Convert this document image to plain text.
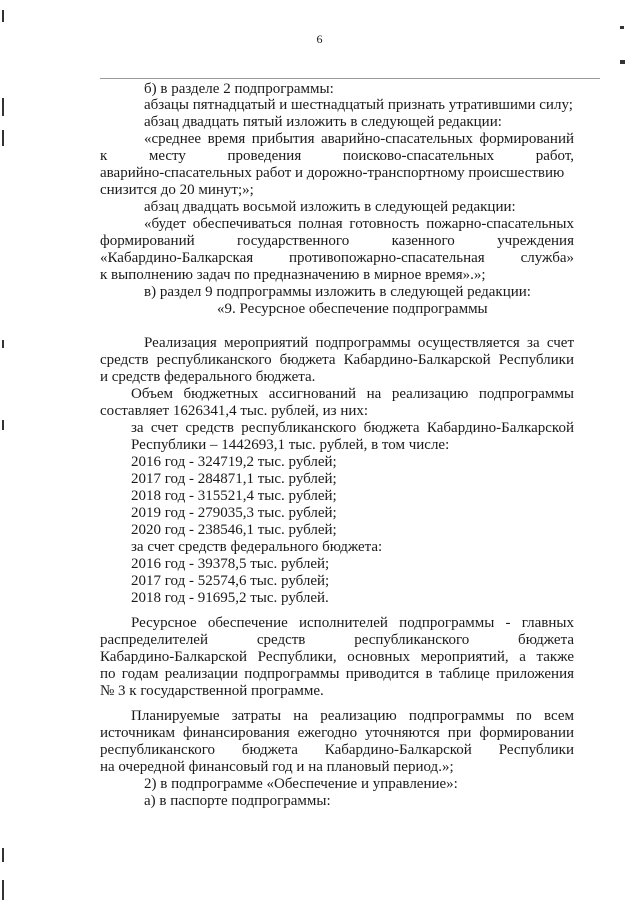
6
б) в разделе 2 подпрограммы:
абзацы пятнадцатый и шестнадцатый признать утратившими силу;
абзац двадцать пятый изложить в следующей редакции:
«среднее время прибытия аварийно-спасательных формирований
к месту проведения поисково-спасательных работ,
аварийно-спасательных работ и дорожно-транспортному происшествию
снизится до 20 минут;»;
абзац двадцать восьмой изложить в следующей редакции:
«будет обеспечиваться полная готовность пожарно-спасательных
формирований государственного казенного учреждения
«Кабардино-Балкарская противопожарно-спасательная служба»
к выполнению задач по предназначению в мирное время».»;
в) раздел 9 подпрограммы изложить в следующей редакции:
«9. Ресурсное обеспечение подпрограммы
Реализация мероприятий подпрограммы осуществляется за счет
средств республиканского бюджета Кабардино-Балкарской Республики
и средств федерального бюджета.
Объем бюджетных ассигнований на реализацию подпрограммы
составляет 1626341,4 тыс. рублей, из них:
за счет средств республиканского бюджета Кабардино-Балкарской
Республики – 1442693,1 тыс. рублей, в том числе:
2016 год - 324719,2 тыс. рублей;
2017 год - 284871,1 тыс. рублей;
2018 год - 315521,4 тыс. рублей;
2019 год - 279035,3 тыс. рублей;
2020 год - 238546,1 тыс. рублей;
за счет средств федерального бюджета:
2016 год - 39378,5 тыс. рублей;
2017 год - 52574,6 тыс. рублей;
2018 год - 91695,2 тыс. рублей.
Ресурсное обеспечение исполнителей подпрограммы - главных
распределителей средств республиканского бюджета
Кабардино-Балкарской Республики, основных мероприятий, а также
по годам реализации подпрограммы приводится в таблице приложения
№ 3 к государственной программе.
Планируемые затраты на реализацию подпрограммы по всем
источникам финансирования ежегодно уточняются при формировании
республиканского бюджета Кабардино-Балкарской Республики
на очередной финансовый год и на плановый период.»;
2) в подпрограмме «Обеспечение и управление»:
а) в паспорте подпрограммы:
